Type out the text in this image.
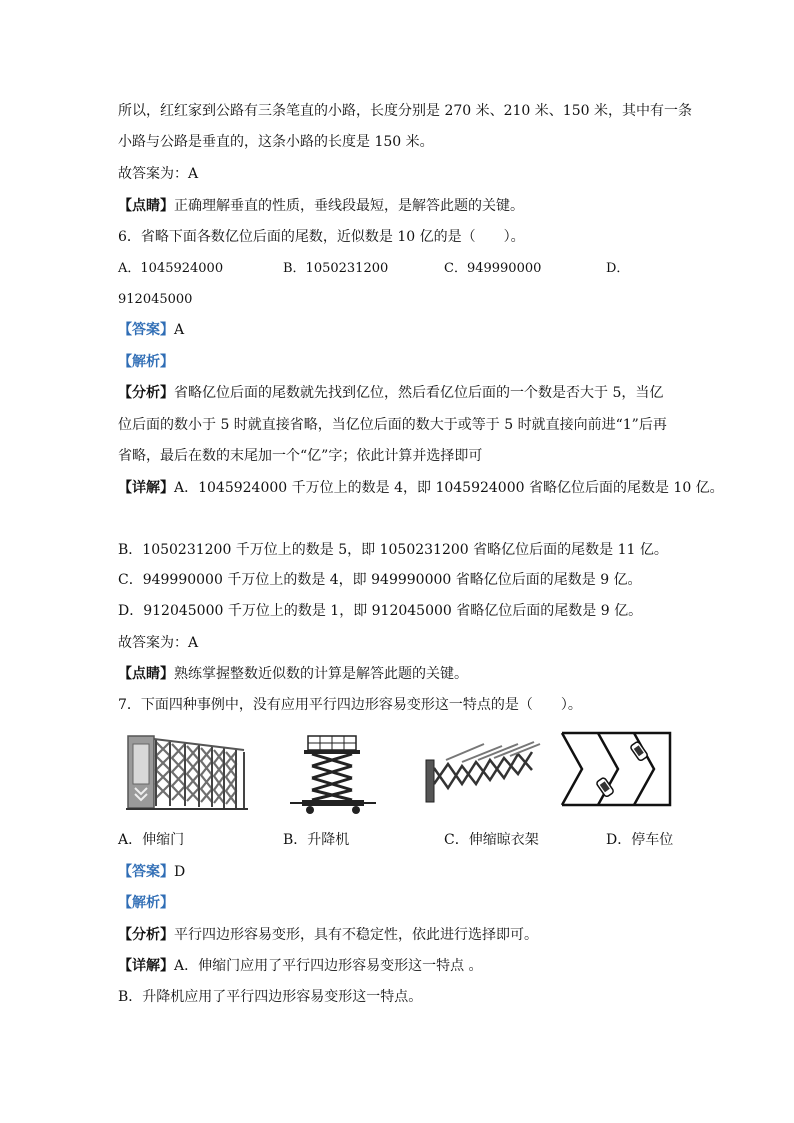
所以，红红家到公路有三条笔直的小路，长度分别是 270 米、210 米、150 米，其中有一条
小路与公路是垂直的，这条小路的长度是 150 米。
故答案为：A
【点睛】正确理解垂直的性质，垂线段最短，是解答此题的关键。
6．省略下面各数亿位后面的尾数，近似数是 10 亿的是（　　）。
A．1045924000	B．1050231200	C．949990000	D．
912045000
【答案】A
【解析】
【分析】省略亿位后面的尾数就先找到亿位，然后看亿位后面的一个数是否大于 5，当亿
位后面的数小于 5 时就直接省略，当亿位后面的数大于或等于 5 时就直接向前进“1”后再
省略，最后在数的末尾加一个“亿”字；依此计算并选择即可
【详解】A．1045924000 千万位上的数是 4，即 1045924000 省略亿位后面的尾数是 10 亿。
B．1050231200 千万位上的数是 5，即 1050231200 省略亿位后面的尾数是 11 亿。
C．949990000 千万位上的数是 4，即 949990000 省略亿位后面的尾数是 9 亿。
D．912045000 千万位上的数是 1，即 912045000 省略亿位后面的尾数是 9 亿。
故答案为：A
【点睛】熟练掌握整数近似数的计算是解答此题的关键。
7．下面四种事例中，没有应用平行四边形容易变形这一特点的是（　　）。
A．伸缩门	B．升降机	C．伸缩晾衣架	D．停车位
【答案】D
【解析】
【分析】平行四边形容易变形，具有不稳定性，依此进行选择即可。
【详解】A．伸缩门应用了平行四边形容易变形这一特点 。
B．升降机应用了平行四边形容易变形这一特点。
